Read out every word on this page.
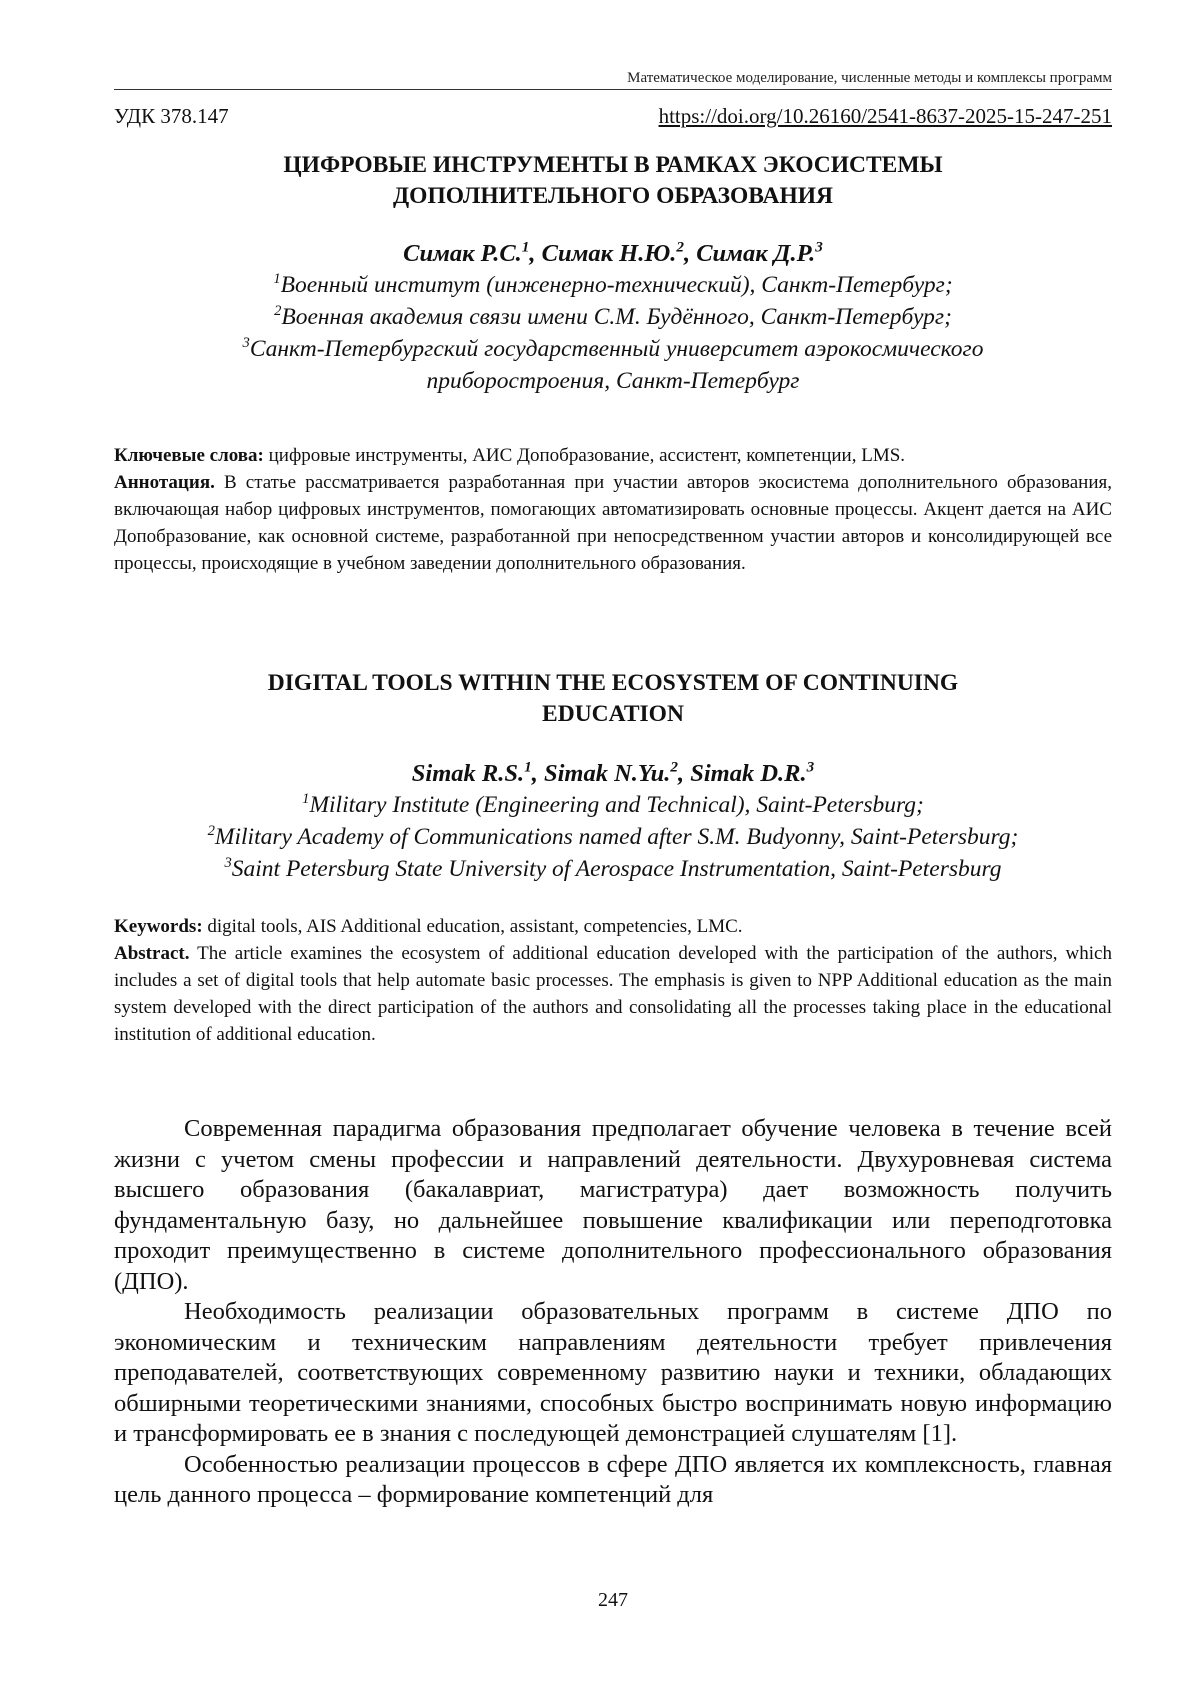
Математическое моделирование, численные методы и комплексы программ
УДК 378.147	https://doi.org/10.26160/2541-8637-2025-15-247-251

ЦИФРОВЫЕ ИНСТРУМЕНТЫ В РАМКАХ ЭКОСИСТЕМЫ

ДОПОЛНИТЕЛЬНОГО ОБРАЗОВАНИЯ

Симак Р.С.$^1$, Симак Н.Ю.$^2$, Симак Д.Р.$^3$
$^1$Военный институт (инженерно-технический), Санкт-Петербург;
$^2$Военная академия связи имени С.М. Будённого, Санкт-Петербург;
$^3$Санкт-Петербургский государственный университет аэрокосмического
приборостроения, Санкт-Петербург

Ключевые слова: цифровые инструменты, АИС Допобразование, ассистент, компетенции, LMS.

Аннотация. В статье рассматривается разработанная при участии авторов экосистема дополнительного образования, включающая набор цифровых инструментов, помогающих автоматизировать основные процессы. Акцент дается на АИС Допобразование, как основной системе, разработанной при непосредственном участии авторов и консолидирующей все процессы, происходящие в учебном заведении дополнительного образования.

DIGITAL TOOLS WITHIN THE ECOSYSTEM OF CONTINUING

EDUCATION

Simak R.S.$^1$, Simak N.Yu.$^2$, Simak D.R.$^3$
$^1$Military Institute (Engineering and Technical), Saint-Petersburg;
$^2$Military Academy of Communications named after S.M. Budyonny, Saint-Petersburg;
$^3$Saint Petersburg State University of Aerospace Instrumentation, Saint-Petersburg

Keywords: digital tools, AIS Additional education, assistant, competencies, LMC.

Abstract. The article examines the ecosystem of additional education developed with the participation of the authors, which includes a set of digital tools that help automate basic processes. The emphasis is given to NPP Additional education as the main system developed with the direct participation of the authors and consolidating all the processes taking place in the educational institution of additional education.

Современная парадигма образования предполагает обучение человека в течение всей жизни с учетом смены профессии и направлений деятельности. Двухуровневая система высшего образования (бакалавриат, магистратура) дает возможность получить фундаментальную базу, но дальнейшее повышение квалификации или переподготовка проходит преимущественно в системе дополнительного профессионального образования (ДПО).

Необходимость реализации образовательных программ в системе ДПО по экономическим и техническим направлениям деятельности требует привлечения преподавателей, соответствующих современному развитию науки и техники, обладающих обширными теоретическими знаниями, способных быстро воспринимать новую информацию и трансформировать ее в знания с последующей демонстрацией слушателям [1].

Особенностью реализации процессов в сфере ДПО является их комплексность, главная цель данного процесса – формирование компетенций для

247
